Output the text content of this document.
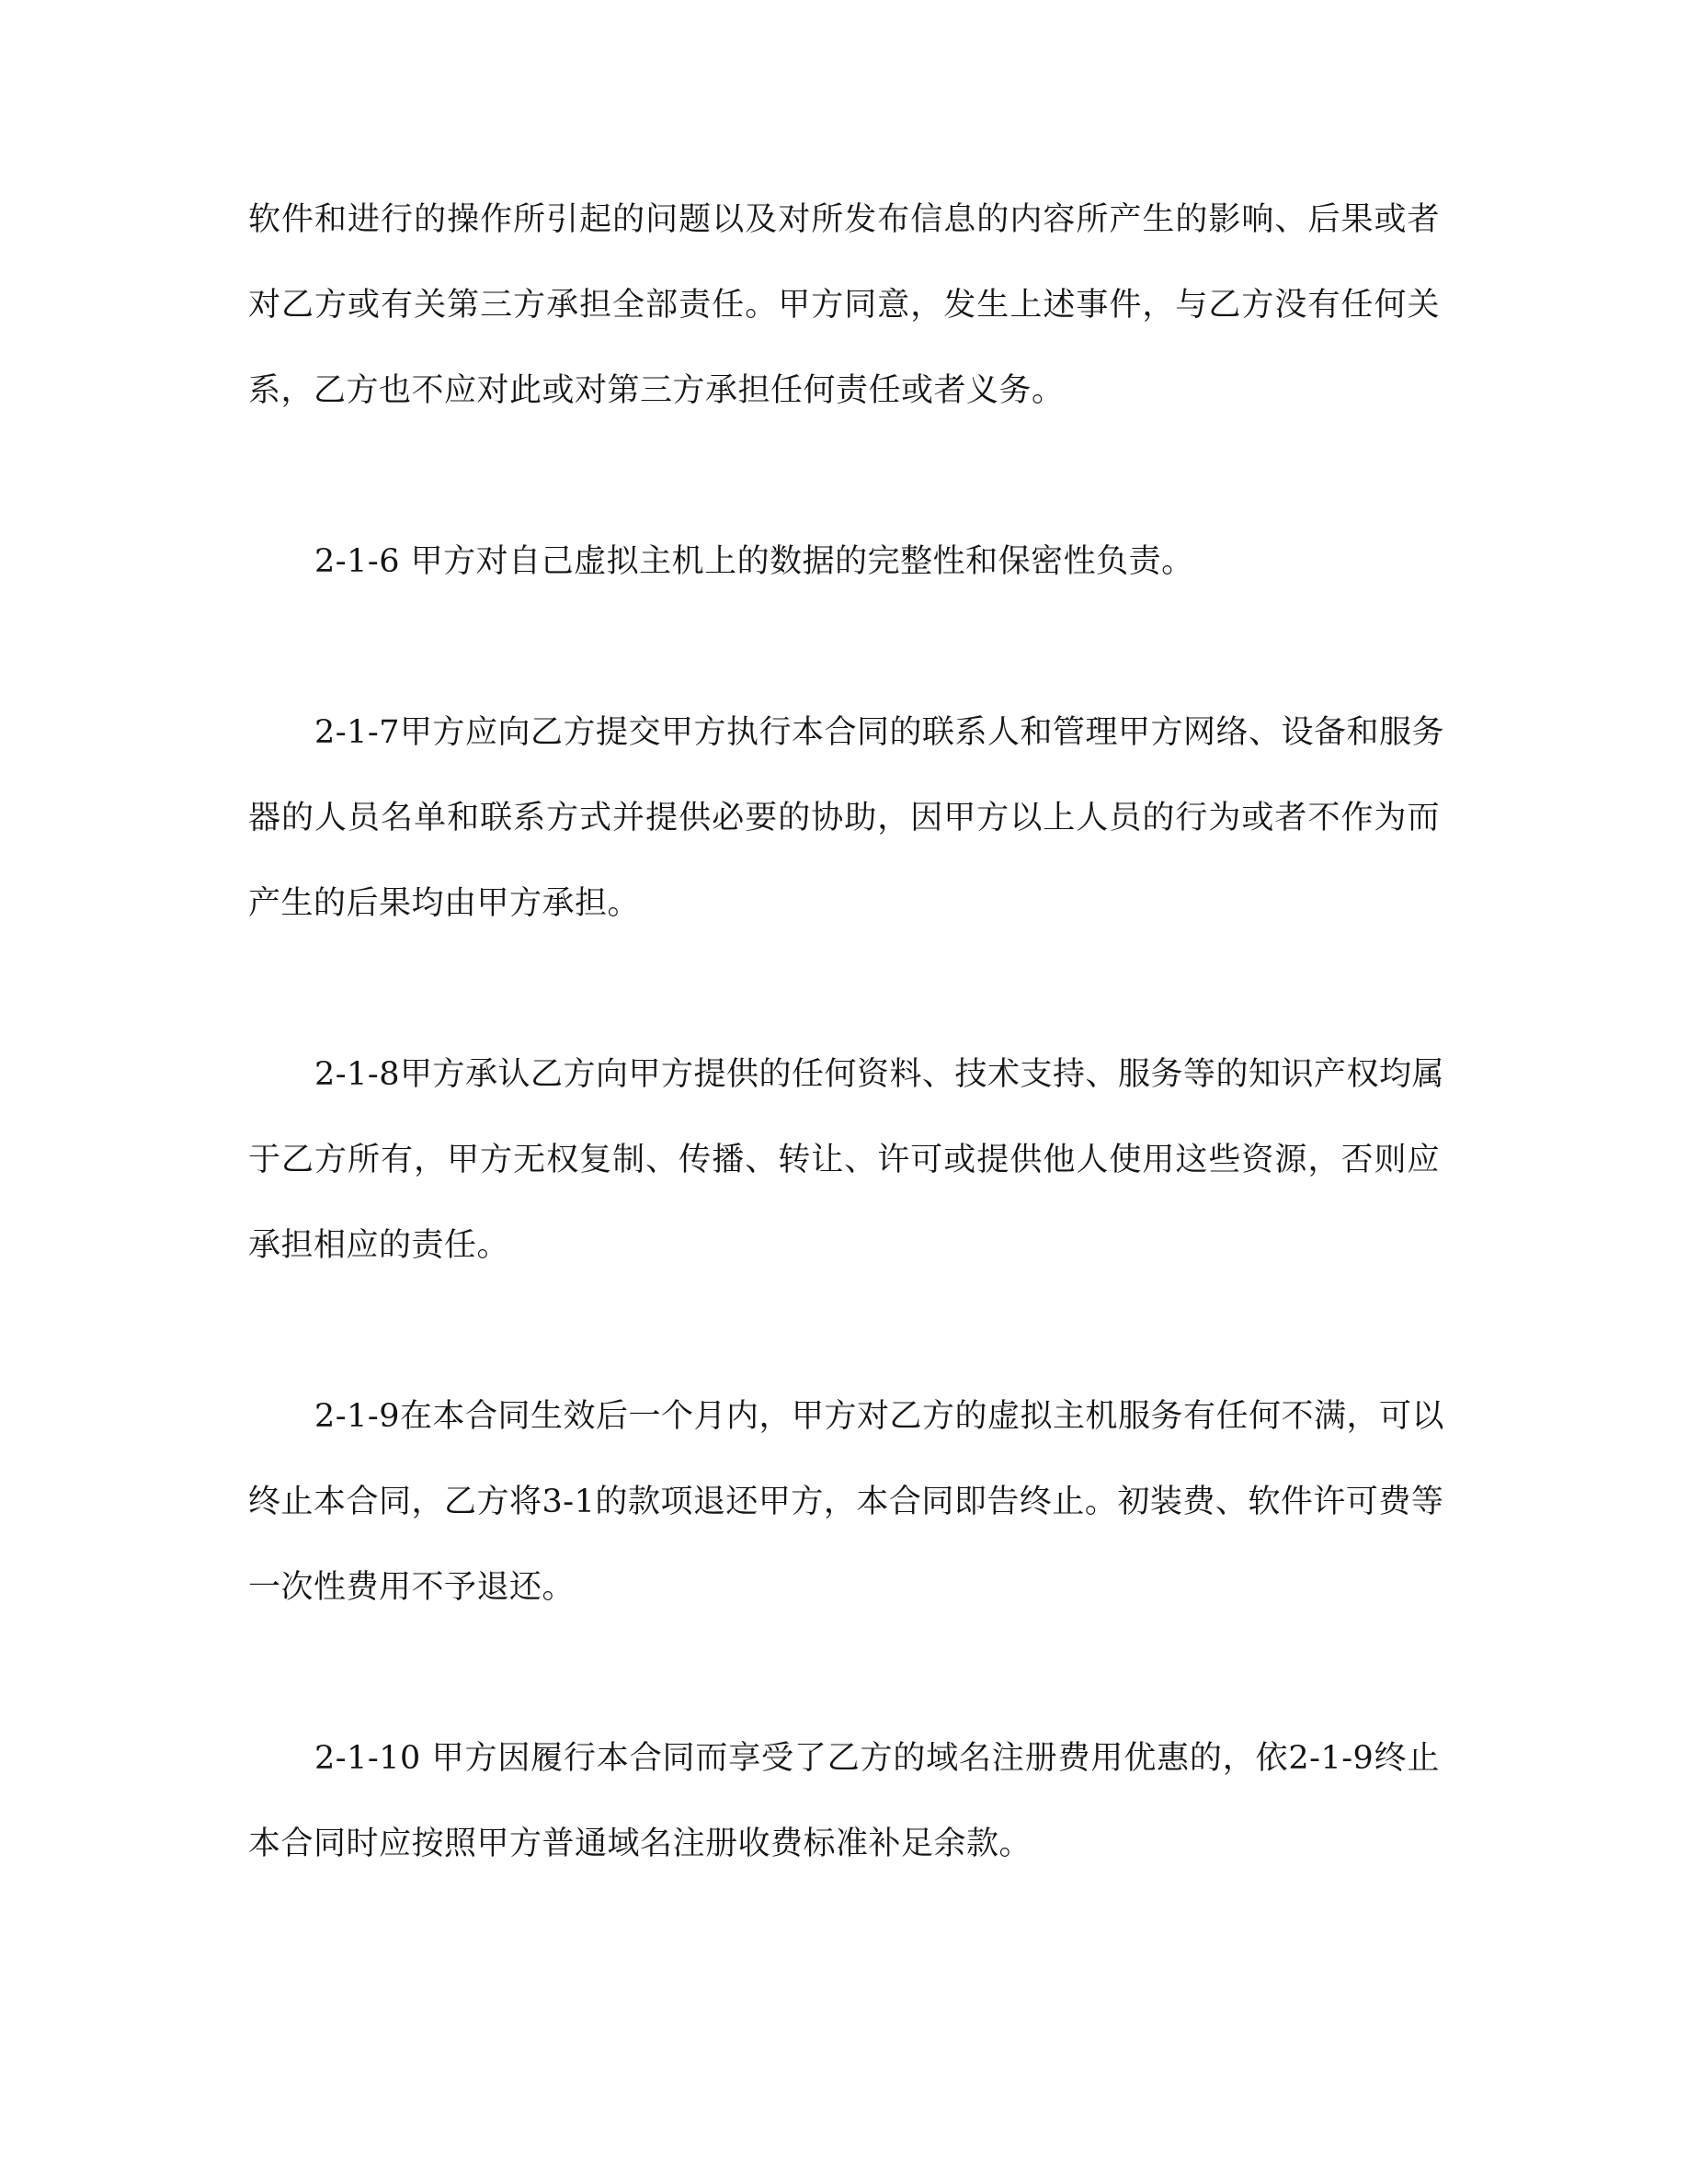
软件和进行的操作所引起的问题以及对所发布信息的内容所产生的影响、后果或者
对乙方或有关第三方承担全部责任。甲方同意，发生上述事件，与乙方没有任何关
系，乙方也不应对此或对第三方承担任何责任或者义务。
2-1-6 甲方对自己虚拟主机上的数据的完整性和保密性负责。
2-1-7甲方应向乙方提交甲方执行本合同的联系人和管理甲方网络、设备和服务
器的人员名单和联系方式并提供必要的协助，因甲方以上人员的行为或者不作为而
产生的后果均由甲方承担。
2-1-8甲方承认乙方向甲方提供的任何资料、技术支持、服务等的知识产权均属
于乙方所有，甲方无权复制、传播、转让、许可或提供他人使用这些资源，否则应
承担相应的责任。
2-1-9在本合同生效后一个月内，甲方对乙方的虚拟主机服务有任何不满，可以
终止本合同，乙方将3-1的款项退还甲方，本合同即告终止。初装费、软件许可费等
一次性费用不予退还。
2-1-10 甲方因履行本合同而享受了乙方的域名注册费用优惠的，依2-1-9终止
本合同时应按照甲方普通域名注册收费标准补足余款。
